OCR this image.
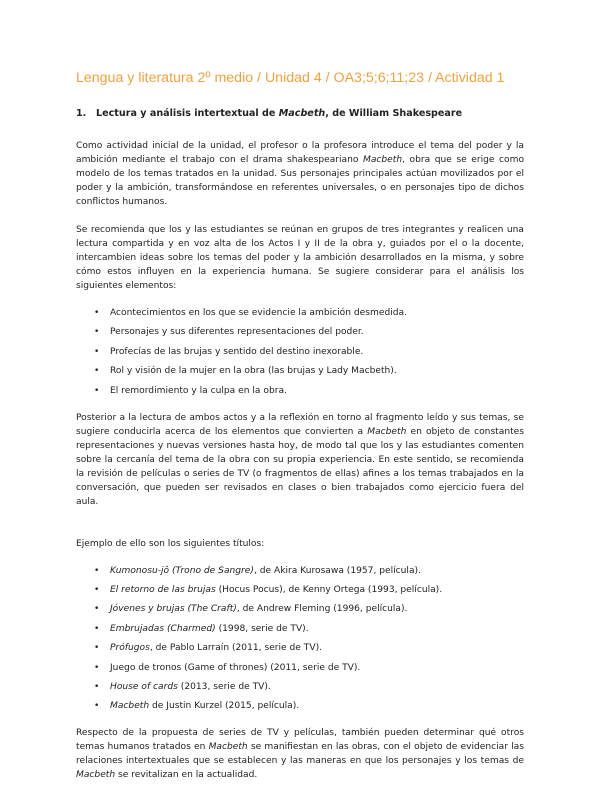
Lengua y literatura 2º medio / Unidad 4 / OA3;5;6;11;23 / Actividad 1
1.	Lectura y análisis intertextual de Macbeth, de William Shakespeare

Como actividad inicial de la unidad, el profesor o la profesora introduce el tema del poder y la ambición mediante el trabajo con el drama shakespeariano Macbeth, obra que se erige como modelo de los temas tratados en la unidad. Sus personajes principales actúan movilizados por el poder y la ambición, transformándose en referentes universales, o en personajes tipo de dichos conflictos humanos.

Se recomienda que los y las estudiantes se reúnan en grupos de tres integrantes y realicen una lectura compartida y en voz alta de los Actos I y II de la obra y, guiados por el o la docente, intercambien ideas sobre los temas del poder y la ambición desarrollados en la misma, y sobre cómo estos influyen en la experiencia humana. Se sugiere considerar para el análisis los siguientes elementos:

• Acontecimientos en los que se evidencie la ambición desmedida.
• Personajes y sus diferentes representaciones del poder.
• Profecías de las brujas y sentido del destino inexorable.
• Rol y visión de la mujer en la obra (las brujas y Lady Macbeth).
• El remordimiento y la culpa en la obra.

Posterior a la lectura de ambos actos y a la reflexión en torno al fragmento leído y sus temas, se sugiere conducirla acerca de los elementos que convierten a Macbeth en objeto de constantes representaciones y nuevas versiones hasta hoy, de modo tal que los y las estudiantes comenten sobre la cercanía del tema de la obra con su propia experiencia. En este sentido, se recomienda la revisión de películas o series de TV (o fragmentos de ellas) afines a los temas trabajados en la conversación, que pueden ser revisados en clases o bien trabajados como ejercicio fuera del aula.

Ejemplo de ello son los siguientes títulos:

• Kumonosu-jô (Trono de Sangre), de Akira Kurosawa (1957, película).
• El retorno de las brujas (Hocus Pocus), de Kenny Ortega (1993, película).
• Jóvenes y brujas (The Craft), de Andrew Fleming (1996, película).
• Embrujadas (Charmed) (1998, serie de TV).
• Prófugos, de Pablo Larraín (2011, serie de TV).
• Juego de tronos (Game of thrones) (2011, serie de TV).
• House of cards (2013, serie de TV).
• Macbeth de Justin Kurzel (2015, película).

Respecto de la propuesta de series de TV y películas, también pueden determinar qué otros temas humanos tratados en Macbeth se manifiestan en las obras, con el objeto de evidenciar las relaciones intertextuales que se establecen y las maneras en que los personajes y los temas de Macbeth se revitalizan en la actualidad.
